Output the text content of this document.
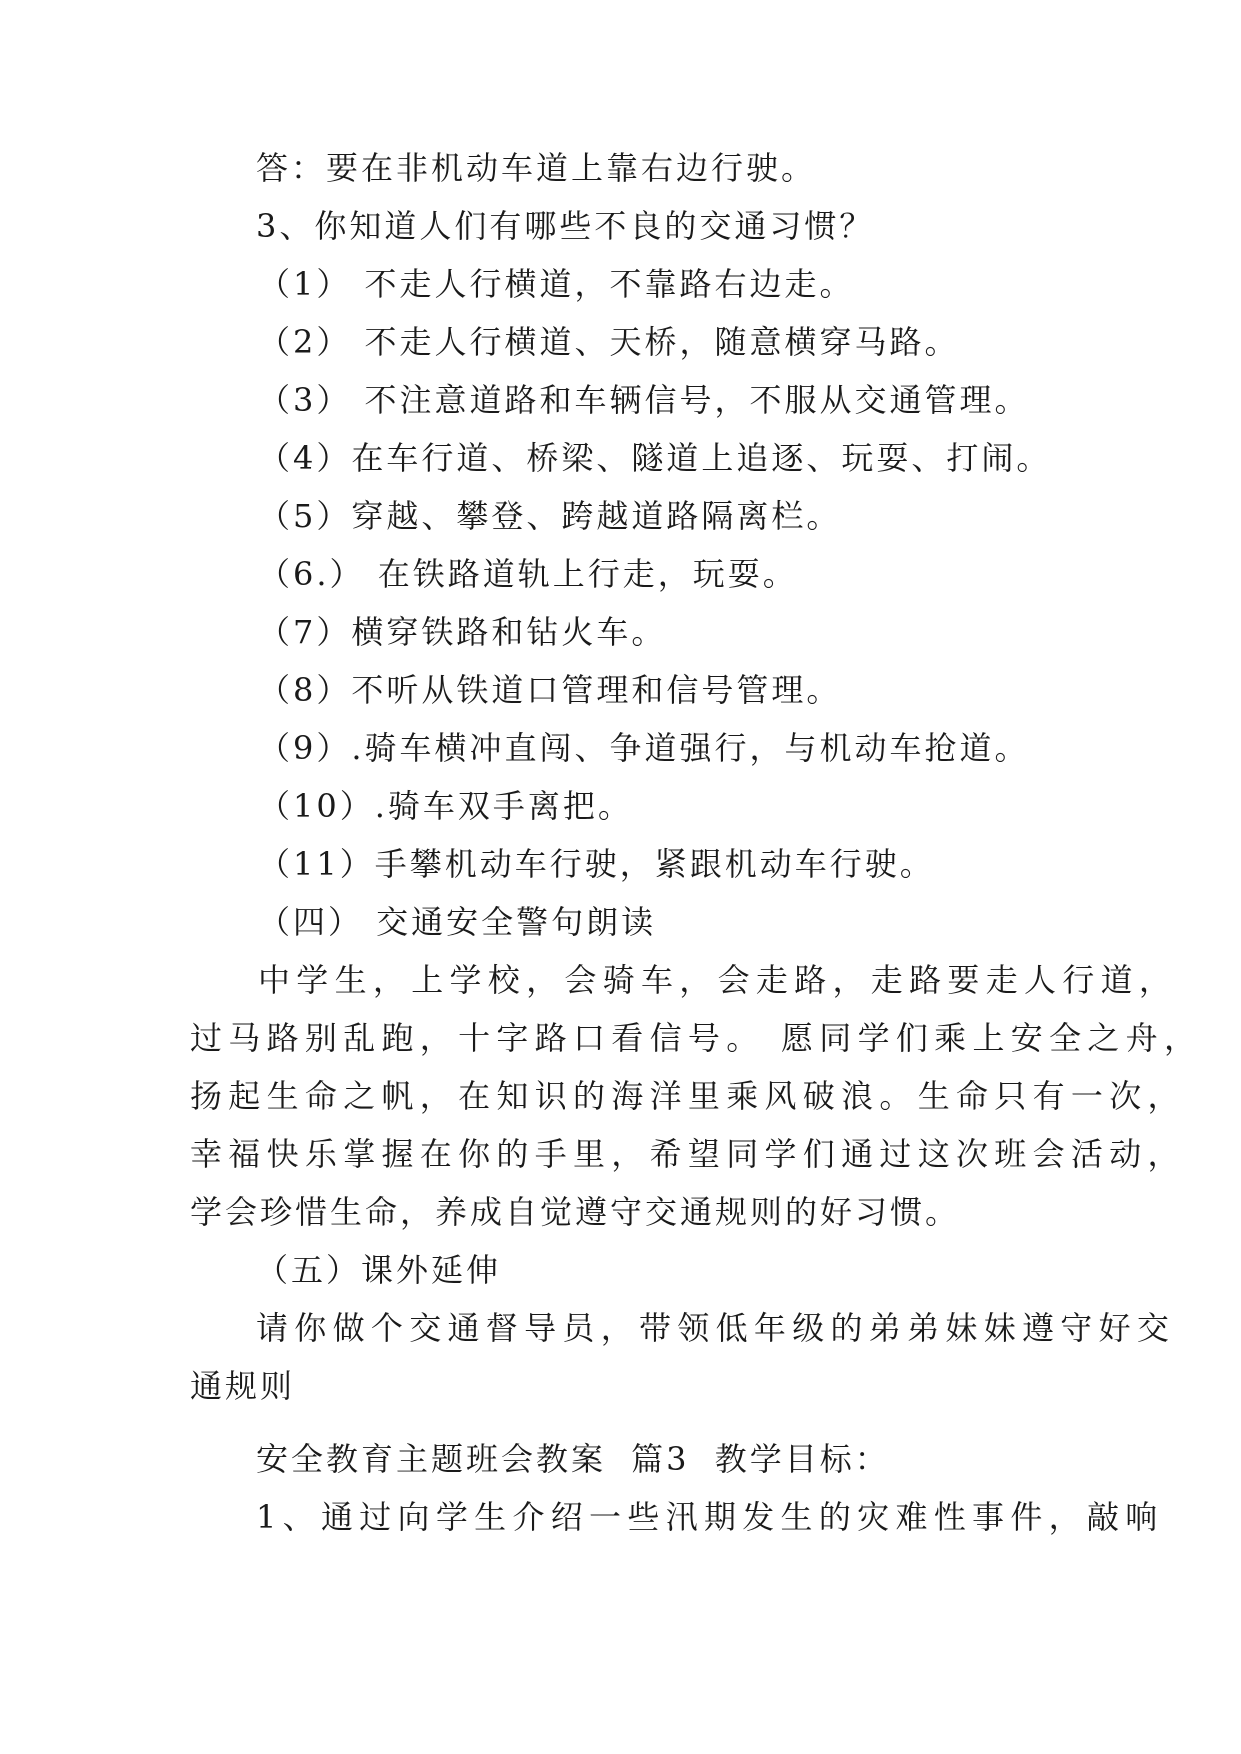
答：要在非机动车道上靠右边行驶。
3、你知道人们有哪些不良的交通习惯？
（1） 不走人行横道，不靠路右边走。
（2） 不走人行横道、天桥，随意横穿马路。
（3） 不注意道路和车辆信号，不服从交通管理。
（4）在车行道、桥梁、隧道上追逐、玩耍、打闹。
（5）穿越、攀登、跨越道路隔离栏。
（6.） 在铁路道轨上行走，玩耍。
（7）横穿铁路和钻火车。
（8）不听从铁道口管理和信号管理。
（9）.骑车横冲直闯、争道强行，与机动车抢道。
（10）.骑车双手离把。
（11）手攀机动车行驶，紧跟机动车行驶。
（四） 交通安全警句朗读
中学生，上学校，会骑车，会走路，走路要走人行道，
过马路别乱跑，十字路口看信号。 愿同学们乘上安全之舟，
扬起生命之帆，在知识的海洋里乘风破浪。生命只有一次，
幸福快乐掌握在你的手里，希望同学们通过这次班会活动，
学会珍惜生命，养成自觉遵守交通规则的好习惯。
（五）课外延伸
请你做个交通督导员，带领低年级的弟弟妹妹遵守好交
通规则
安全教育主题班会教案 篇3 教学目标：
1、通过向学生介绍一些汛期发生的灾难性事件，敲响
